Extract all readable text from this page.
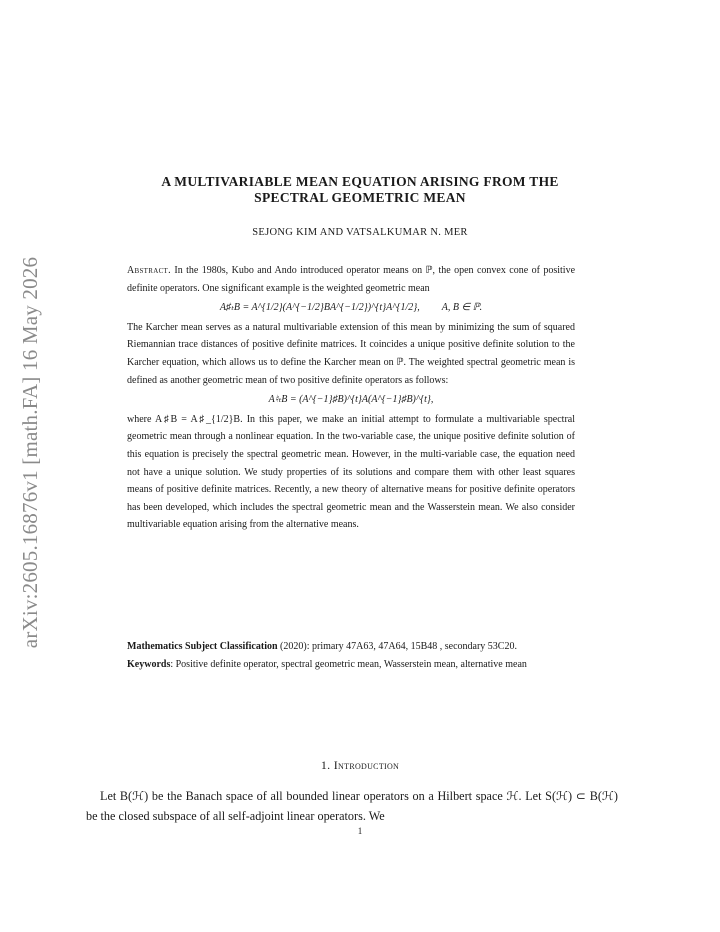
arXiv:2605.16876v1 [math.FA] 16 May 2026
A MULTIVARIABLE MEAN EQUATION ARISING FROM THE
SPECTRAL GEOMETRIC MEAN
SEJONG KIM AND VATSALKUMAR N. MER

Abstract. In the 1980s, Kubo and Ando introduced operator means on ℙ, the open convex cone of positive definite operators. One significant example is the weighted geometric mean

A♯ₜB = A^{1/2}(A^{−1/2}BA^{−1/2})^{t}A^{1/2}, A, B ∈ ℙ.

The Karcher mean serves as a natural multivariable extension of this mean by minimizing the sum of squared Riemannian trace distances of positive definite matrices. It coincides a unique positive definite solution to the Karcher equation, which allows us to define the Karcher mean on ℙ. The weighted spectral geometric mean is defined as another geometric mean of two positive definite operators as follows:

A♮ₜB = (A^{−1}♯B)^{t}A(A^{−1}♯B)^{t},

where A♯B = A♯_{1/2}B. In this paper, we make an initial attempt to formulate a multivariable spectral geometric mean through a nonlinear equation. In the two-variable case, the unique positive definite solution of this equation is precisely the spectral geometric mean. However, in the multi-variable case, the equation need not have a unique solution. We study properties of its solutions and compare them with other least squares means of positive definite matrices. Recently, a new theory of alternative means for positive definite operators has been developed, which includes the spectral geometric mean and the Wasserstein mean. We also consider multivariable equation arising from the alternative means.

Mathematics Subject Classification (2020): primary 47A63, 47A64, 15B48 , secondary 53C20.

Keywords: Positive definite operator, spectral geometric mean, Wasserstein mean, alternative mean

1. Introduction

Let B(ℋ) be the Banach space of all bounded linear operators on a Hilbert space ℋ. Let S(ℋ) ⊂ B(ℋ) be the closed subspace of all self-adjoint linear operators. We

1
